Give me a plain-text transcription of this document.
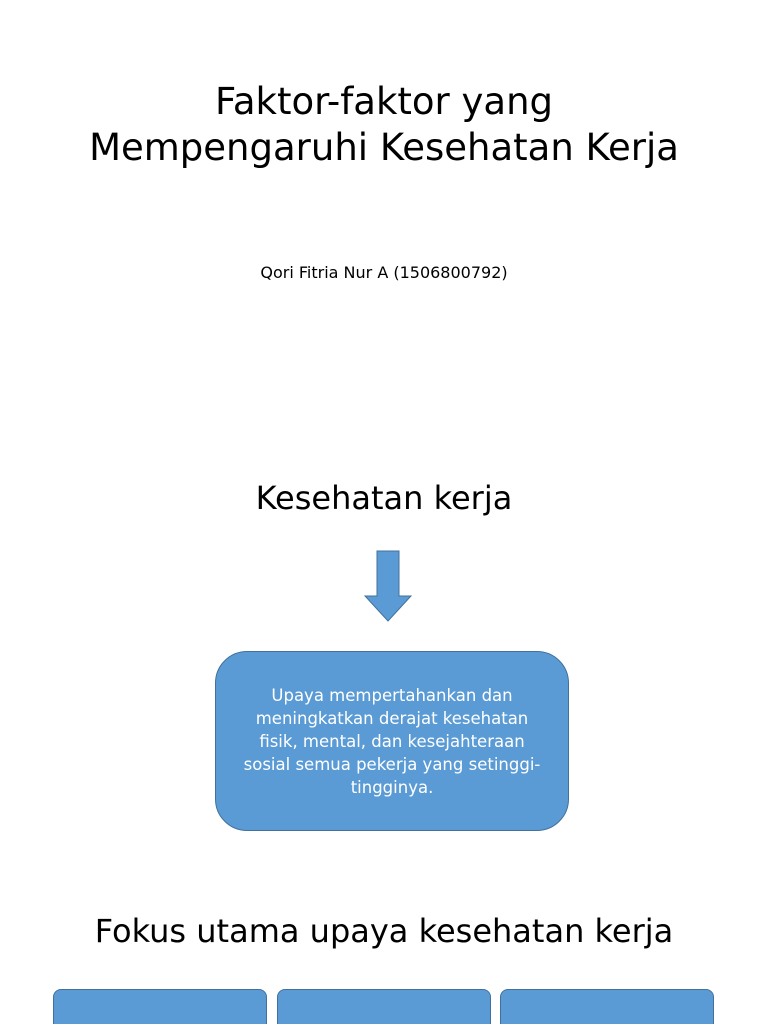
Faktor-faktor yang Mempengaruhi Kesehatan Kerja

Qori Fitria Nur A (1506800792)

Kesehatan kerja
Upaya mempertahankan dan meningkatkan derajat kesehatan fisik, mental, dan kesejahteraan sosial semua pekerja yang setinggi-tingginya.
Fokus utama upaya kesehatan kerja
